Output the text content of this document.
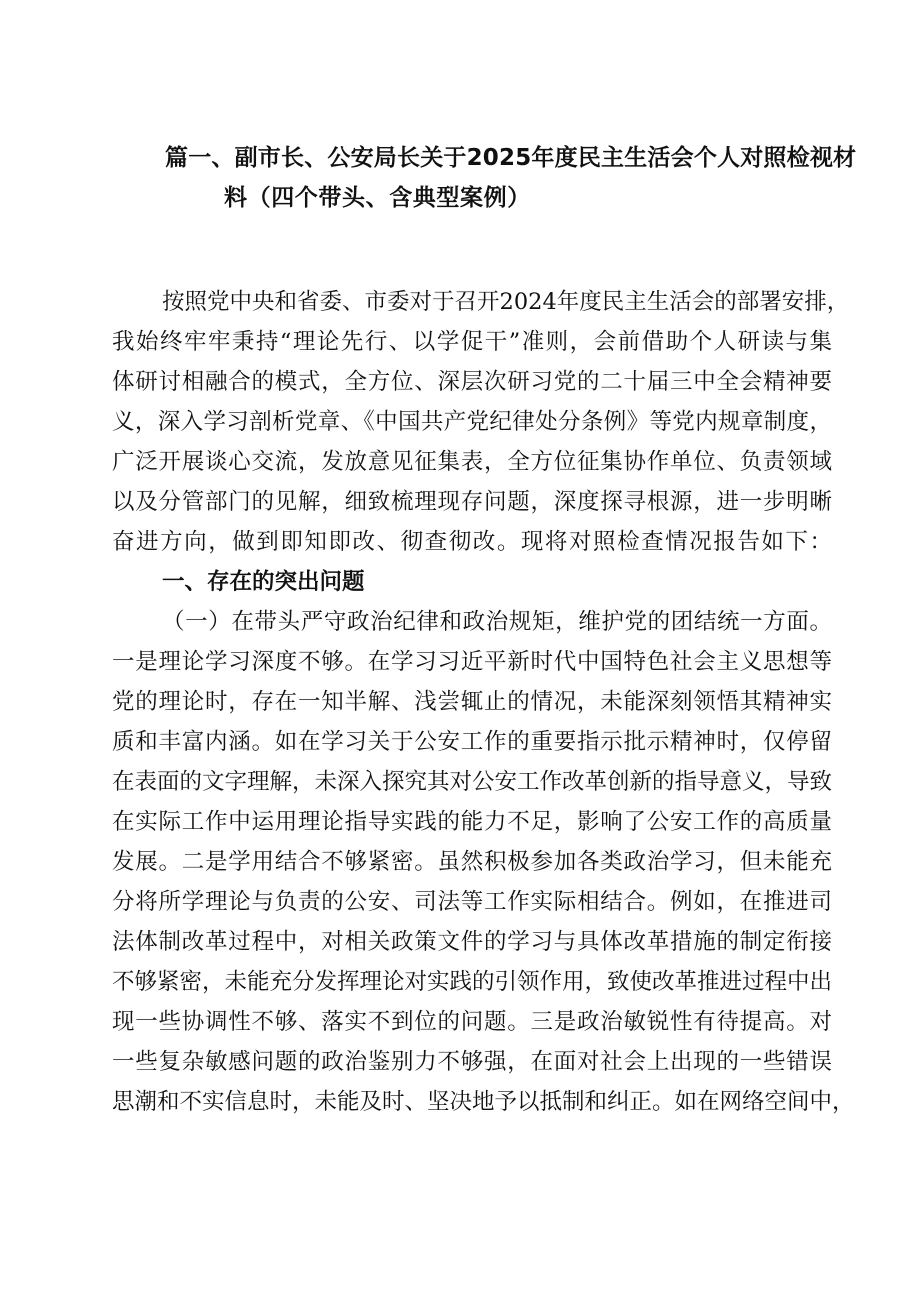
篇一、副市长、公安局长关于2025年度民主生活会个人对照检视材
料（四个带头、含典型案例）
按照党中央和省委、市委对于召开2024年度民主生活会的部署安排，
我始终牢牢秉持“理论先行、以学促干”准则，会前借助个人研读与集
体研讨相融合的模式，全方位、深层次研习党的二十届三中全会精神要
义，深入学习剖析党章、《中国共产党纪律处分条例》等党内规章制度，
广泛开展谈心交流，发放意见征集表，全方位征集协作单位、负责领域
以及分管部门的见解，细致梳理现存问题，深度探寻根源，进一步明晰
奋进方向，做到即知即改、彻查彻改。现将对照检查情况报告如下：
一、存在的突出问题
（一）在带头严守政治纪律和政治规矩，维护党的团结统一方面。
一是理论学习深度不够。在学习习近平新时代中国特色社会主义思想等
党的理论时，存在一知半解、浅尝辄止的情况，未能深刻领悟其精神实
质和丰富内涵。如在学习关于公安工作的重要指示批示精神时，仅停留
在表面的文字理解，未深入探究其对公安工作改革创新的指导意义，导致
在实际工作中运用理论指导实践的能力不足，影响了公安工作的高质量
发展。二是学用结合不够紧密。虽然积极参加各类政治学习，但未能充
分将所学理论与负责的公安、司法等工作实际相结合。例如，在推进司
法体制改革过程中，对相关政策文件的学习与具体改革措施的制定衔接
不够紧密，未能充分发挥理论对实践的引领作用，致使改革推进过程中出
现一些协调性不够、落实不到位的问题。三是政治敏锐性有待提高。对
一些复杂敏感问题的政治鉴别力不够强，在面对社会上出现的一些错误
思潮和不实信息时，未能及时、坚决地予以抵制和纠正。如在网络空间中，
